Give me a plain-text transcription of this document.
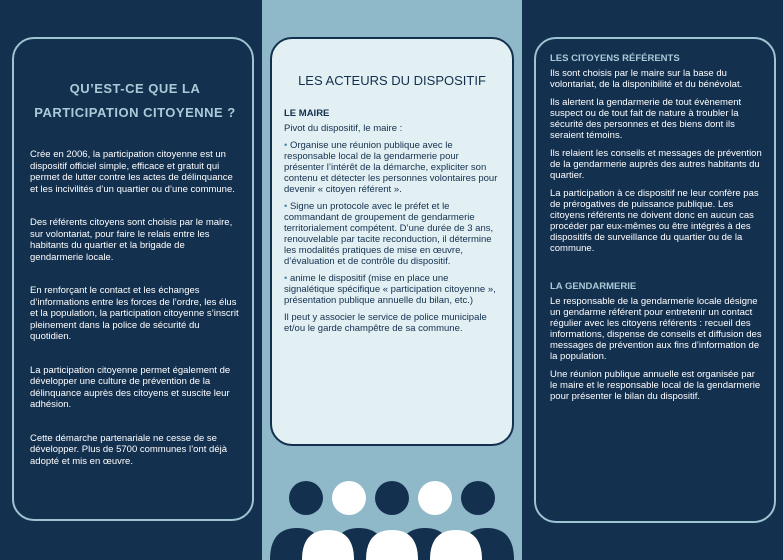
QU’EST-CE QUE LA PARTICIPATION CITOYENNE ?

Crée en 2006, la participation citoyenne est un dispositif officiel simple, efficace et gratuit qui permet de lutter contre les actes de délinquance et les incivilités d’un quartier ou d’une commune.

Des référents citoyens sont choisis par le maire, sur volontariat, pour faire le relais entre les habitants du quartier et la brigade de gendarmerie locale.

En renforçant le contact et les échanges d’informations entre les forces de l’ordre, les élus et la population, la participation citoyenne s’inscrit pleinement dans la police de sécurité du quotidien.

La participation citoyenne permet également de développer une culture de prévention de la délinquance auprès des citoyens et suscite leur adhésion.

Cette démarche partenariale ne cesse de se développer. Plus de 5700 communes l’ont déjà adopté et mis en œuvre.

LES ACTEURS DU DISPOSITIF
LE MAIRE

Pivot du dispositif, le maire :

• Organise une réunion publique avec le responsable local de la gendarmerie pour présenter l’intérêt de la démarche, expliciter son contenu et détecter les personnes volontaires pour devenir « citoyen référent ».
• Signe un protocole avec le préfet et le commandant de groupement de gendarmerie territorialement compétent. D’une durée de 3 ans, renouvelable par tacite reconduction, il détermine les modalités pratiques de mise en œuvre, d’évaluation et de contrôle du dispositif.
• anime le dispositif (mise en place une signalétique spécifique « participation citoyenne », présentation publique annuelle du bilan, etc.)

Il peut y associer le service de police municipale et/ou le garde champêtre de sa commune.

LES CITOYENS RÉFÉRENTS

Ils sont choisis par le maire sur la base du volontariat, de la disponibilité et du bénévolat.

Ils alertent la gendarmerie de tout évènement suspect ou de tout fait de nature à troubler la sécurité des personnes et des biens dont ils seraient témoins.

Ils relaient les conseils et messages de prévention de la gendarmerie auprès des autres habitants du quartier.

La participation à ce dispositif ne leur confère pas de prérogatives de puissance publique. Les citoyens référents ne doivent donc en aucun cas procéder par eux-mêmes ou être intégrés à des dispositifs de surveillance du quartier ou de la commune.

LA GENDARMERIE

Le responsable de la gendarmerie locale désigne un gendarme référent pour entretenir un contact régulier avec les citoyens référents : recueil des informations, dispense de conseils et diffusion des messages de prévention aux fins d’information de la population.

Une réunion publique annuelle est organisée par le maire et le responsable local de la gendarmerie pour présenter le bilan du dispositif.
